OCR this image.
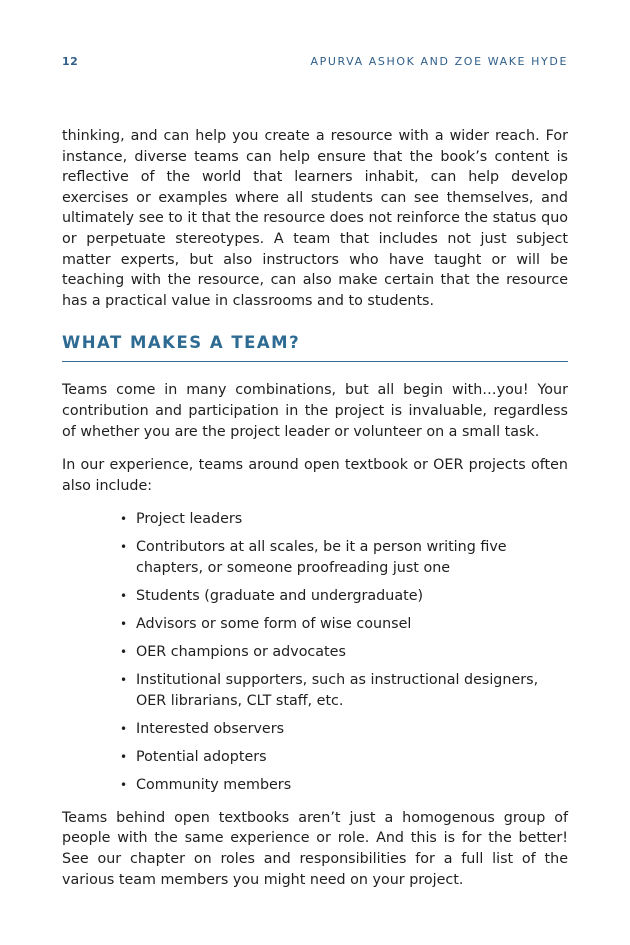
12	APURVA ASHOK AND ZOE WAKE HYDE

thinking, and can help you create a resource with a wider reach. For instance, diverse teams can help ensure that the book’s content is reflective of the world that learners inhabit, can help develop exercises or examples where all students can see themselves, and ultimately see to it that the resource does not reinforce the status quo or perpetuate stereotypes. A team that includes not just subject matter experts, but also instructors who have taught or will be teaching with the resource, can also make certain that the resource has a practical value in classrooms and to students.

WHAT MAKES A TEAM?

Teams come in many combinations, but all begin with…you! Your contribution and participation in the project is invaluable, regardless of whether you are the project leader or volunteer on a small task.

In our experience, teams around open textbook or OER projects often also include:

• Project leaders
• Contributors at all scales, be it a person writing five chapters, or someone proofreading just one
• Students (graduate and undergraduate)
• Advisors or some form of wise counsel
• OER champions or advocates
• Institutional supporters, such as instructional designers, OER librarians, CLT staff, etc.
• Interested observers
• Potential adopters
• Community members

Teams behind open textbooks aren’t just a homogenous group of people with the same experience or role. And this is for the better! See our chapter on roles and responsibilities for a full list of the various team members you might need on your project.
